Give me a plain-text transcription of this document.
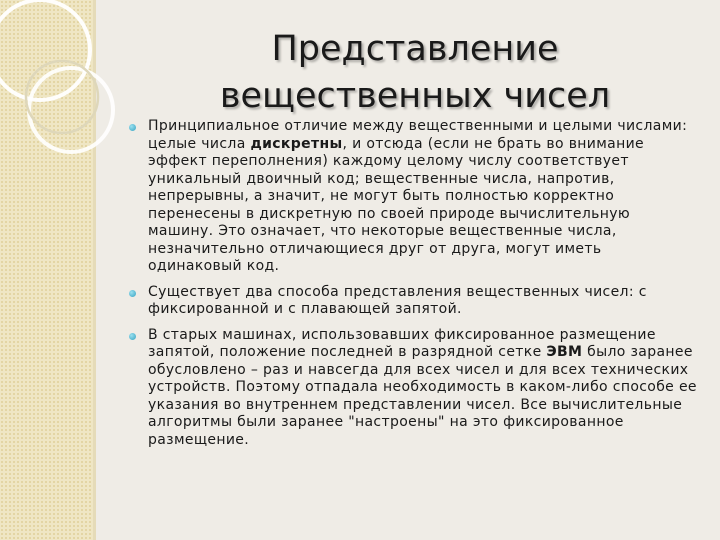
Представление
вещественных чисел

Принципиальное отличие между вещественными и целыми числами: целые числа дискретны, и отсюда (если не брать во внимание эффект переполнения) каждому целому числу соответствует уникальный двоичный код; вещественные числа, напротив, непрерывны, а значит, не могут быть полностью корректно перенесены в дискретную по своей природе вычислительную машину. Это означает, что некоторые вещественные числа, незначительно отличающиеся друг от друга, могут иметь одинаковый код.

Существует два способа представления вещественных чисел: с фиксированной и с плавающей запятой.

В старых машинах, использовавших фиксированное размещение запятой, положение последней в разрядной сетке ЭВМ было заранее обусловлено – раз и навсегда для всех чисел и для всех технических устройств. Поэтому отпадала необходимость в каком-либо способе ее указания во внутреннем представлении чисел. Все вычислительные алгоритмы были заранее "настроены" на это фиксированное размещение.
